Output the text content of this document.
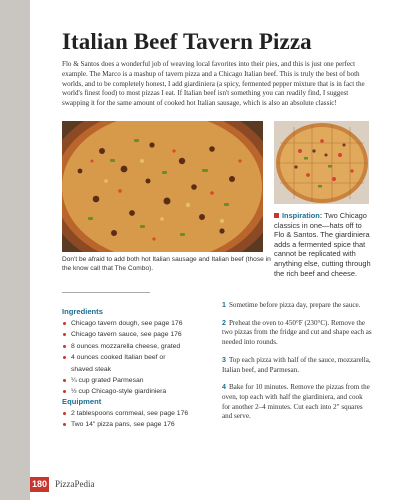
Italian Beef Tavern Pizza

Flo & Santos does a wonderful job of weaving local favorites into their pies, and this is just one perfect example. The Marco is a mashup of tavern pizza and a Chicago Italian beef. This is truly the best of both worlds, and to be completely honest, I add giardiniera (a spicy, fermented pepper mixture that is in fact the world's finest food) to most pizzas I eat. If Italian beef isn't something you can readily find, I suggest swapping it for the same amount of cooked hot Italian sausage, which is also an absolute classic!

Don't be afraid to add both hot Italian sausage and Italian beef (those in the know call that The Combo).

Inspiration: Two Chicago classics in one—hats off to Flo & Santos. The giardiniera adds a fermented spice that cannot be replicated with anything else, cutting through the rich beef and cheese.
Ingredients
Chicago tavern dough, see page 176
Chicago tavern sauce, see page 176
8 ounces mozzarella cheese, grated
4 ounces cooked Italian beef or
shaved steak
¼ cup grated Parmesan
½ cup Chicago-style giardiniera
Equipment
2 tablespoons cornmeal, see page 176
Two 14" pizza pans, see page 176

1 Sometime before pizza day, prepare the sauce.

2 Preheat the oven to 450°F (230°C). Remove the two pizzas from the fridge and cut and shape each as needed into rounds.

3 Top each pizza with half of the sauce, mozzarella, Italian beef, and Parmesan.

4 Bake for 10 minutes. Remove the pizzas from the oven, top each with half the giardiniera, and cook for another 2–4 minutes. Cut each into 2" squares and serve.

180 PizzaPedia
